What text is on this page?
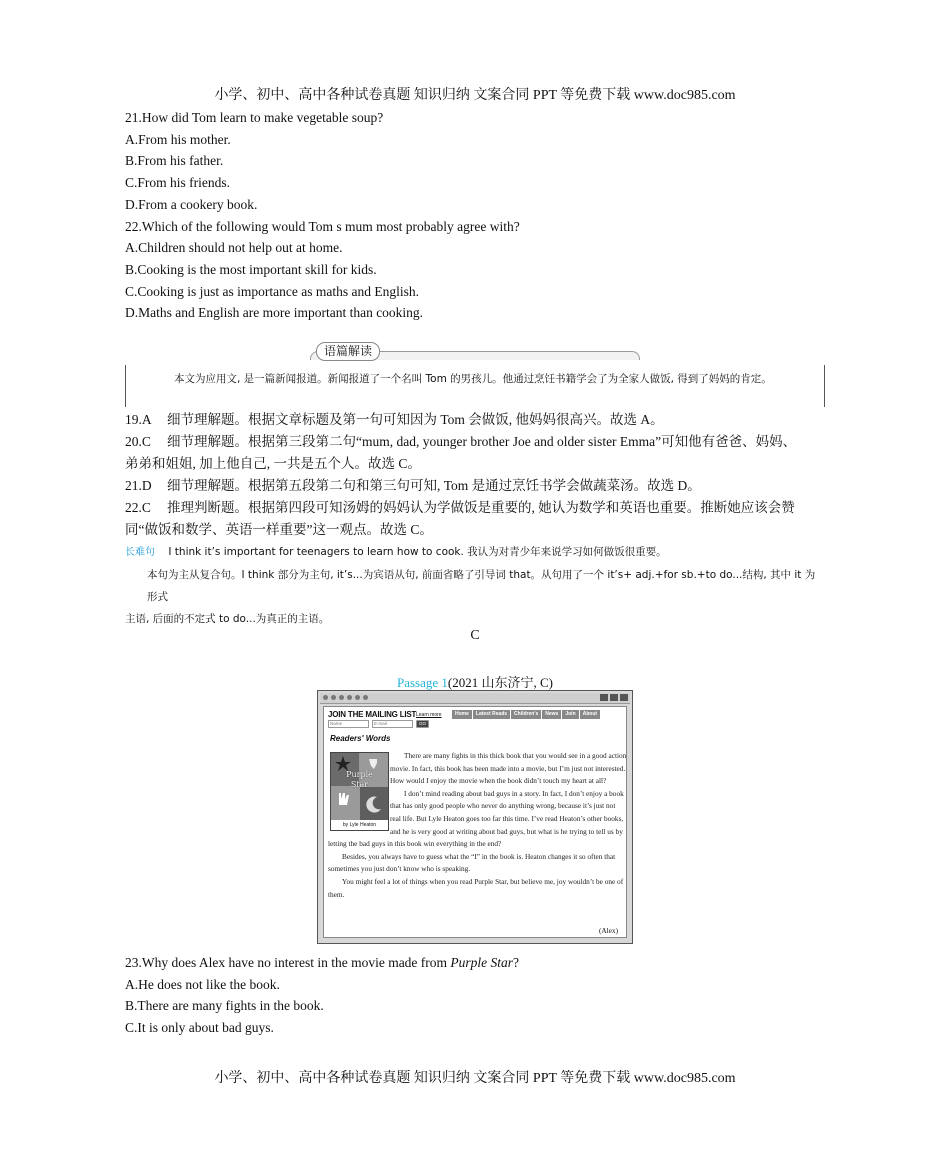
小学、初中、高中各种试卷真题 知识归纳 文案合同 PPT 等免费下载 www.doc985.com
21.How did Tom learn to make vegetable soup?
A.From his mother.
B.From his father.
C.From his friends.
D.From a cookery book.
22.Which of the following would Tom s mum most probably agree with?
A.Children should not help out at home.
B.Cooking is the most important skill for kids.
C.Cooking is just as importance as maths and English.
D.Maths and English are more important than cooking.
语篇解读

本文为应用文, 是一篇新闻报道。新闻报道了一个名叫 Tom 的男孩儿。他通过烹饪书籍学会了为全家人做饭, 得到了妈妈的肯定。

19.A 细节理解题。根据文章标题及第一句可知因为 Tom 会做饭, 他妈妈很高兴。故选 A。
20.C 细节理解题。根据第三段第二句“mum, dad, younger brother Joe and older sister Emma”可知他有爸爸、妈妈、
弟弟和姐姐, 加上他自己, 一共是五个人。故选 C。
21.D 细节理解题。根据第五段第二句和第三句可知, Tom 是通过烹饪书学会做蔬菜汤。故选 D。
22.C 推理判断题。根据第四段可知汤姆的妈妈认为学做饭是重要的, 她认为数学和英语也重要。推断她应该会赞
同“做饭和数学、英语一样重要”这一观点。故选 C。
长难句 I think it’s important for teenagers to learn how to cook. 我认为对青少年来说学习如何做饭很重要。
本句为主从复合句。I think 部分为主句, it’s...为宾语从句, 前面省略了引导词 that。从句用了一个 it’s+ adj.+for sb.+to do...结构, 其中 it 为形式
主语, 后面的不定式 to do...为真正的主语。
C
Passage 1(2021 山东济宁, C)
JOIN THE MAILING LIST Learn more	Home	Latest Reads	Children's	News	Join	About
Name	E-mail	GO
Readers' Words
Purple
Star
by Lyle Heaton

There are many fights in this thick book that you would see in a good action movie. In fact, this book has been made into a movie, but I’m just not interested. How would I enjoy the movie when the book didn’t touch my heart at all?

I don’t mind reading about bad guys in a story. In fact, I don’t enjoy a book that has only good people who never do anything wrong, because it’s just not real life. But Lyle Heaton goes too far this time. I’ve read Heaton’s other books, and he is very good at writing about bad guys, but what is he trying to tell us by letting the bad guys in this book win everything in the end?

Besides, you always have to guess what the “I” in the book is. Heaton changes it so often that sometimes you just don’t know who is speaking.

You might feel a lot of things when you read Purple Star, but believe me, joy wouldn’t be one of them.

(Alex)
23.Why does Alex have no interest in the movie made from Purple Star?
A.He does not like the book.
B.There are many fights in the book.
C.It is only about bad guys.
小学、初中、高中各种试卷真题 知识归纳 文案合同 PPT 等免费下载 www.doc985.com
